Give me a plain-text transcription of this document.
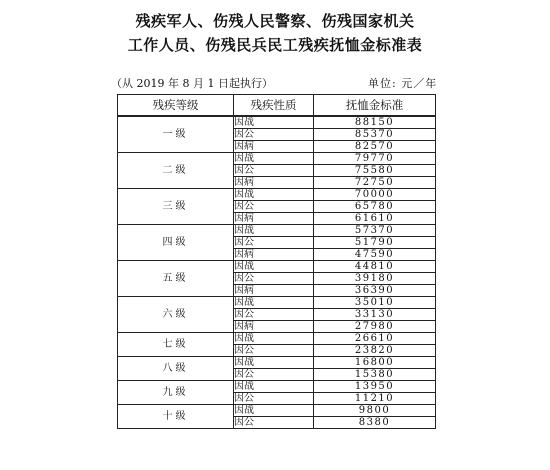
残疾军人、伤残人民警察、伤残国家机关
工作人员、伤残民兵民工残疾抚恤金标准表
（从 2019 年 8 月 1 日起执行）	单位: 元／年
残疾等级	残疾性质	抚恤金标准
一级	因战	88150
	因公	85370
	因病	82570
二级	因战	79770
	因公	75580
	因病	72750
三级	因战	70000
	因公	65780
	因病	61610
四级	因战	57370
	因公	51790
	因病	47590
五级	因战	44810
	因公	39180
	因病	36390
六级	因战	35010
	因公	33130
	因病	27980
七级	因战	26610
	因公	23820
八级	因战	16800
	因公	15380
九级	因战	13950
	因公	11210
十级	因战	9800
	因公	8380
